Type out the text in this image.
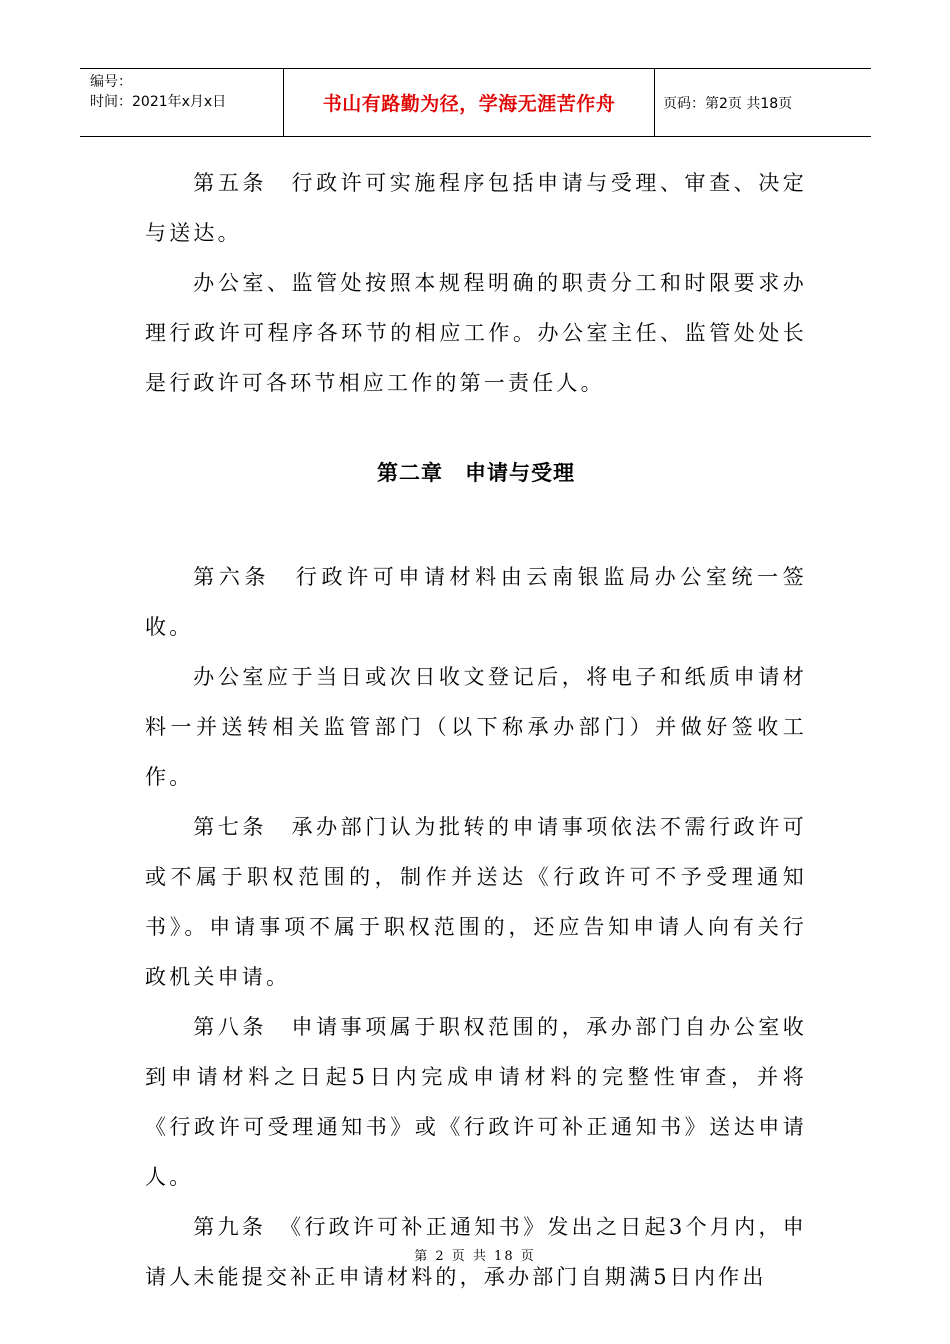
编号：
时间：2021年x月x日	书山有路勤为径，学海无涯苦作舟	页码：第2页 共18页

第五条　行政许可实施程序包括申请与受理、审查、决定与送达。

办公室、监管处按照本规程明确的职责分工和时限要求办理行政许可程序各环节的相应工作。办公室主任、监管处处长是行政许可各环节相应工作的第一责任人。

第二章　申请与受理

第六条　行政许可申请材料由云南银监局办公室统一签收。

办公室应于当日或次日收文登记后，将电子和纸质申请材料一并送转相关监管部门（以下称承办部门）并做好签收工作。

第七条　承办部门认为批转的申请事项依法不需行政许可或不属于职权范围的，制作并送达《行政许可不予受理通知书》。申请事项不属于职权范围的，还应告知申请人向有关行政机关申请。

第八条　申请事项属于职权范围的，承办部门自办公室收到申请材料之日起5日内完成申请材料的完整性审查，并将《行政许可受理通知书》或《行政许可补正通知书》送达申请人。

第九条　《行政许可补正通知书》发出之日起3个月内，申请人未能提交补正申请材料的，承办部门自期满5日内作出

第 2 页 共 18 页
